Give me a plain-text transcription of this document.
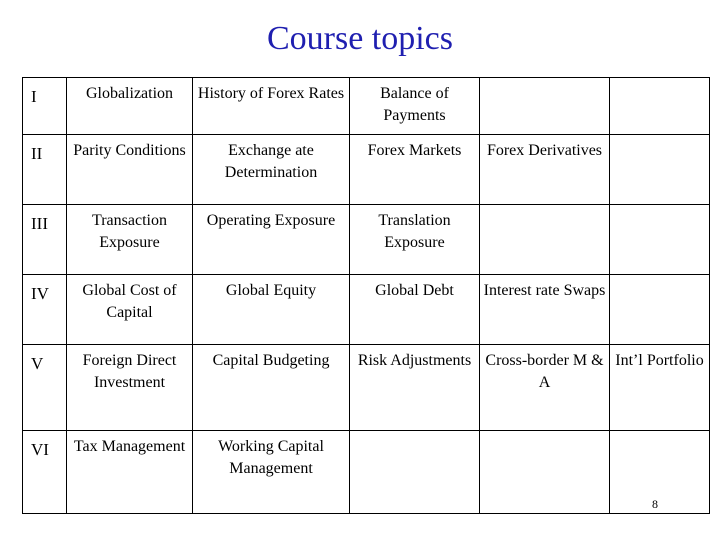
Course topics
I	Globalization	History of Forex Rates	Balance of Payments		
II	Parity Conditions	Exchange ate Determination	Forex Markets	Forex Derivatives	
III	Transaction Exposure	Operating Exposure	Translation Exposure		
IV	Global Cost of Capital	Global Equity	Global Debt	Interest rate Swaps	
V	Foreign Direct Investment	Capital Budgeting	Risk Adjustments	Cross-border M & A	Int’l Portfolio
VI	Tax Management	Working Capital Management			
8
